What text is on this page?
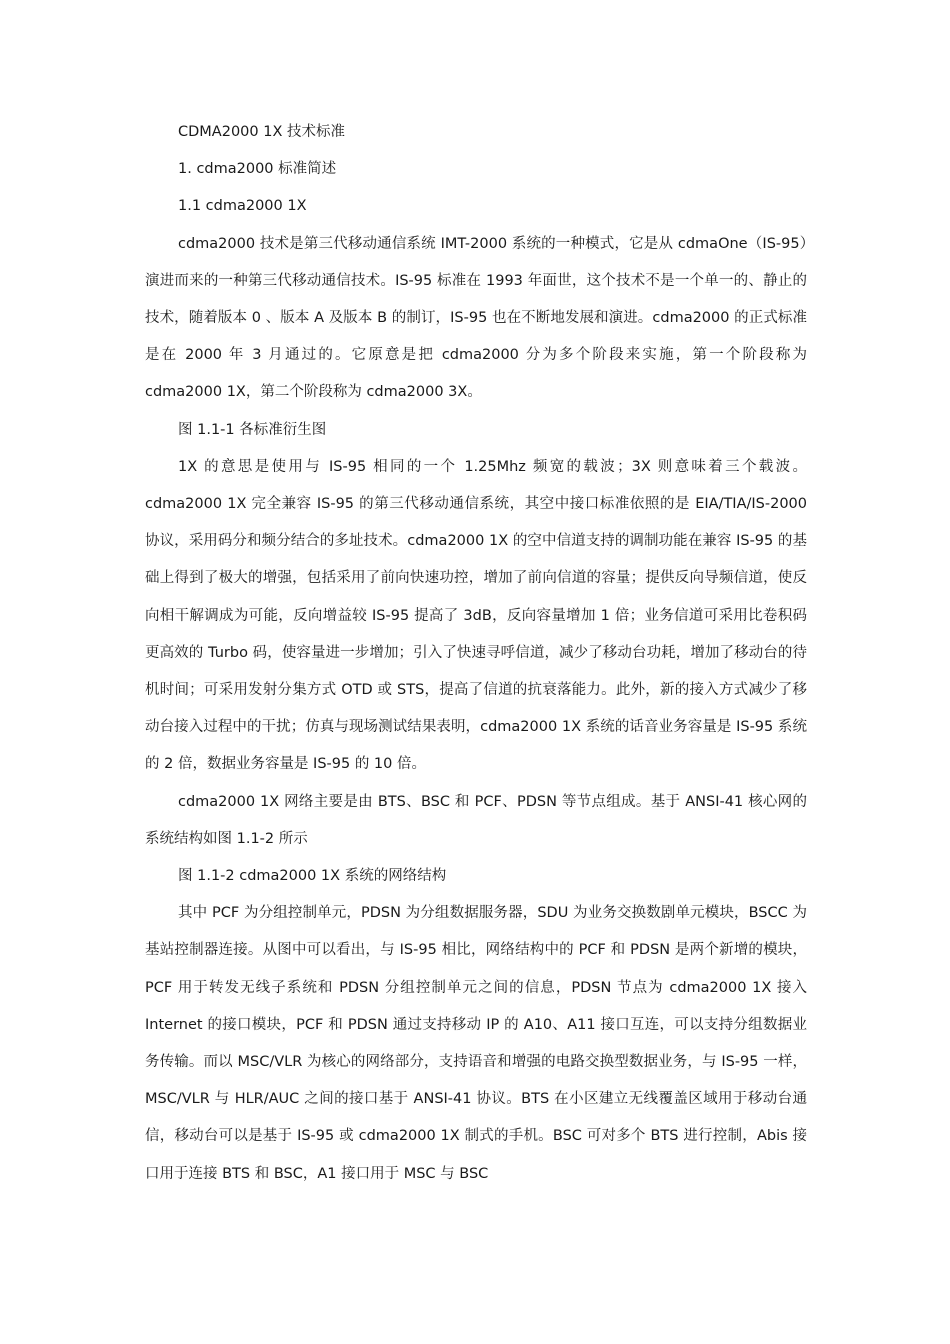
CDMA2000 1X 技术标准

1. cdma2000 标准简述

1.1 cdma2000 1X

cdma2000 技术是第三代移动通信系统 IMT-2000 系统的一种模式，它是从 cdmaOne（IS-95）演进而来的一种第三代移动通信技术。IS-95 标准在 1993 年面世，这个技术不是一个单一的、静止的技术，随着版本 0 、版本 A 及版本 B 的制订，IS-95 也在不断地发展和演进。cdma2000 的正式标准是在 2000 年 3 月通过的。它原意是把 cdma2000 分为多个阶段来实施，第一个阶段称为 cdma2000 1X，第二个阶段称为 cdma2000 3X。

图 1.1-1 各标准衍生图

1X 的意思是使用与 IS-95 相同的一个 1.25Mhz 频宽的载波；3X 则意味着三个载波。cdma2000 1X 完全兼容 IS-95 的第三代移动通信系统，其空中接口标准依照的是 EIA/TIA/IS-2000 协议，采用码分和频分结合的多址技术。cdma2000 1X 的空中信道支持的调制功能在兼容 IS-95 的基础上得到了极大的增强，包括采用了前向快速功控，增加了前向信道的容量；提供反向导频信道，使反向相干解调成为可能，反向增益较 IS-95 提高了 3dB，反向容量增加 1 倍；业务信道可采用比卷积码更高效的 Turbo 码，使容量进一步增加；引入了快速寻呼信道，减少了移动台功耗，增加了移动台的待机时间；可采用发射分集方式 OTD 或 STS，提高了信道的抗衰落能力。此外，新的接入方式减少了移动台接入过程中的干扰；仿真与现场测试结果表明，cdma2000 1X 系统的话音业务容量是 IS-95 系统的 2 倍，数据业务容量是 IS-95 的 10 倍。

cdma2000 1X 网络主要是由 BTS、BSC 和 PCF、PDSN 等节点组成。基于 ANSI-41 核心网的系统结构如图 1.1-2 所示

图 1.1-2 cdma2000 1X 系统的网络结构

其中 PCF 为分组控制单元，PDSN 为分组数据服务器，SDU 为业务交换数剧单元模块，BSCC 为基站控制器连接。从图中可以看出，与 IS-95 相比，网络结构中的 PCF 和 PDSN 是两个新增的模块，PCF 用于转发无线子系统和 PDSN 分组控制单元之间的信息，PDSN 节点为 cdma2000 1X 接入 Internet 的接口模块，PCF 和 PDSN 通过支持移动 IP 的 A10、A11 接口互连，可以支持分组数据业务传输。而以 MSC/VLR 为核心的网络部分，支持语音和增强的电路交换型数据业务，与 IS-95 一样，MSC/VLR 与 HLR/AUC 之间的接口基于 ANSI-41 协议。BTS 在小区建立无线覆盖区域用于移动台通信，移动台可以是基于 IS-95 或 cdma2000 1X 制式的手机。BSC 可对多个 BTS 进行控制，Abis 接口用于连接 BTS 和 BSC，A1 接口用于 MSC 与 BSC
